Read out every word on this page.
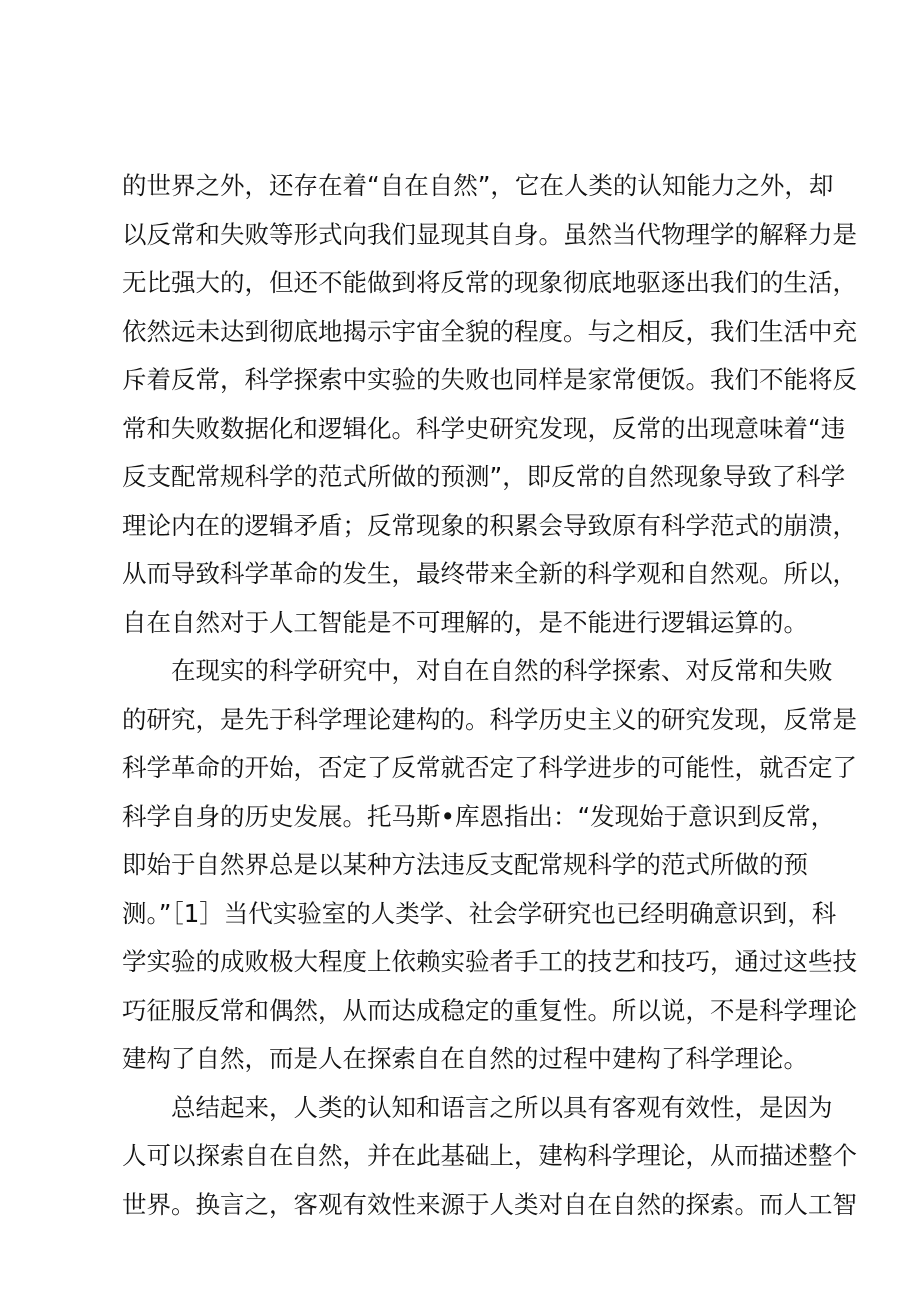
的世界之外，还存在着“自在自然”，它在人类的认知能力之外，却
以反常和失败等形式向我们显现其自身。虽然当代物理学的解释力是
无比强大的，但还不能做到将反常的现象彻底地驱逐出我们的生活，
依然远未达到彻底地揭示宇宙全貌的程度。与之相反，我们生活中充
斥着反常，科学探索中实验的失败也同样是家常便饭。我们不能将反
常和失败数据化和逻辑化。科学史研究发现，反常的出现意味着“违
反支配常规科学的范式所做的预测”，即反常的自然现象导致了科学
理论内在的逻辑矛盾；反常现象的积累会导致原有科学范式的崩溃，
从而导致科学革命的发生，最终带来全新的科学观和自然观。所以，
自在自然对于人工智能是不可理解的，是不能进行逻辑运算的。
在现实的科学研究中，对自在自然的科学探索、对反常和失败
的研究，是先于科学理论建构的。科学历史主义的研究发现，反常是
科学革命的开始，否定了反常就否定了科学进步的可能性，就否定了
科学自身的历史发展。托马斯•库恩指出：“发现始于意识到反常，
即始于自然界总是以某种方法违反支配常规科学的范式所做的预
测。”［1］当代实验室的人类学、社会学研究也已经明确意识到，科
学实验的成败极大程度上依赖实验者手工的技艺和技巧，通过这些技
巧征服反常和偶然，从而达成稳定的重复性。所以说，不是科学理论
建构了自然，而是人在探索自在自然的过程中建构了科学理论。
总结起来，人类的认知和语言之所以具有客观有效性，是因为
人可以探索自在自然，并在此基础上，建构科学理论，从而描述整个
世界。换言之，客观有效性来源于人类对自在自然的探索。而人工智
